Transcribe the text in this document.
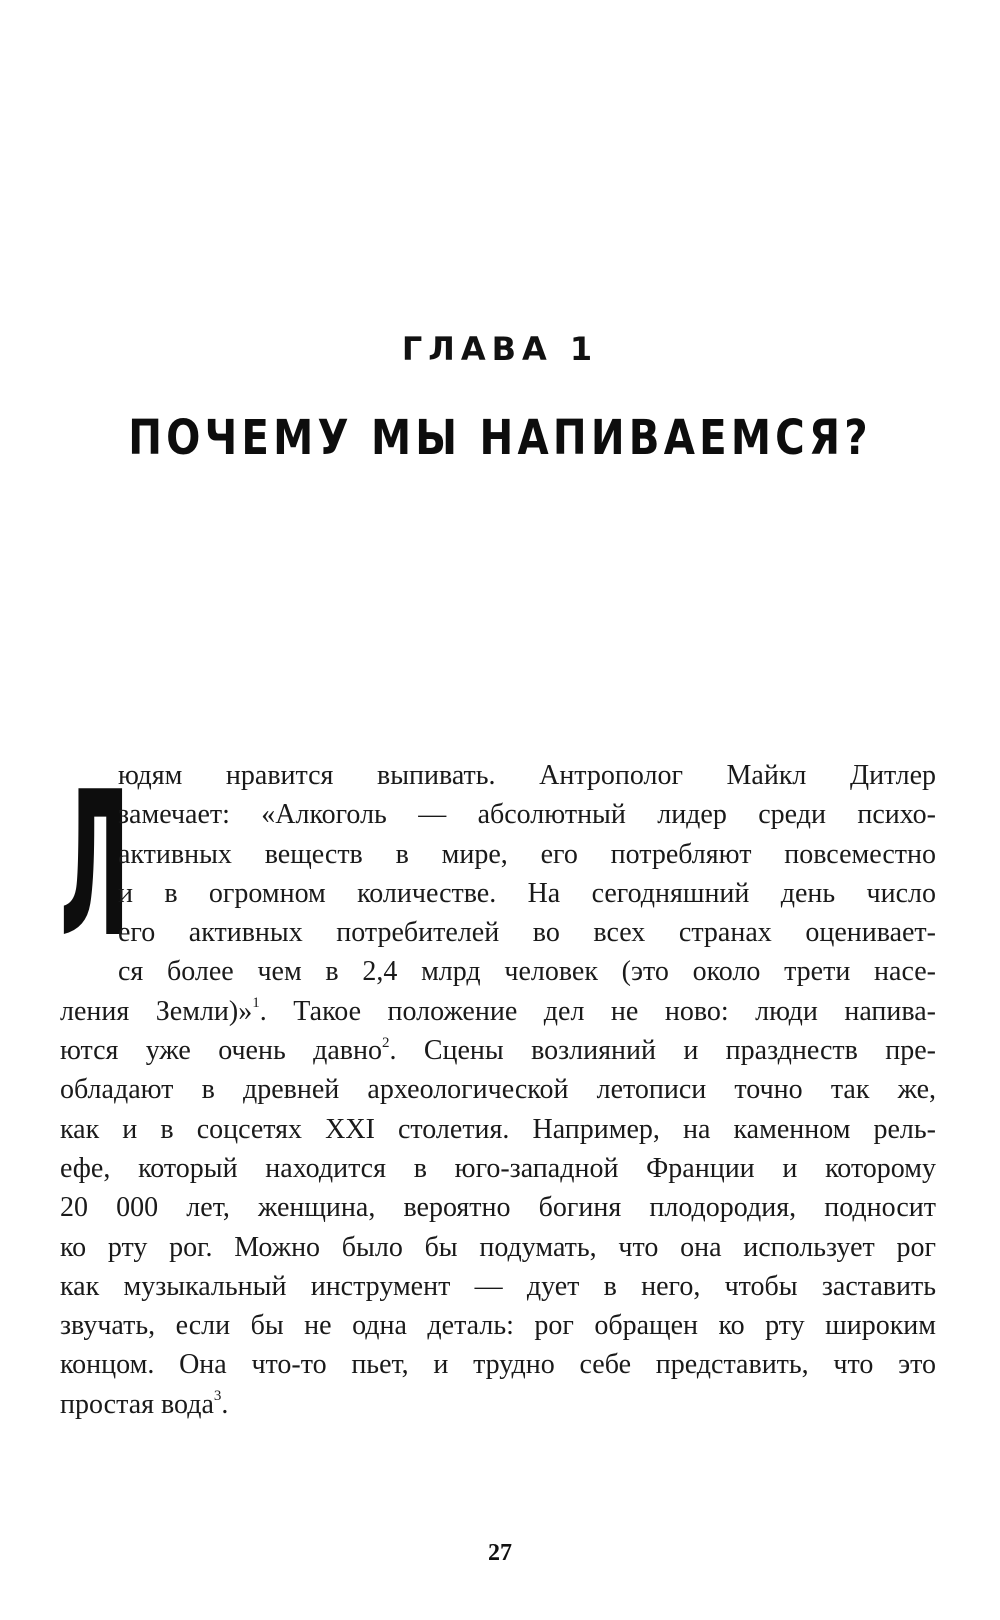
ГЛАВА 1
ПОЧЕМУ МЫ НАПИВАЕМСЯ?
Л
юдям нравится выпивать. Антрополог Майкл Дитлер
замечает: «Алкоголь — абсолютный лидер среди психо-
активных веществ в мире, его потребляют повсеместно
и в огромном количестве. На сегодняшний день число
его активных потребителей во всех странах оценивает-
ся более чем в 2,4 млрд человек (это около трети насе-
ления Земли)»$^1$. Такое положение дел не ново: люди напива-
ются уже очень давно$^2$. Сцены возлияний и празднеств пре-
обладают в древней археологической летописи точно так же,
как и в соцсетях XXI столетия. Например, на каменном рель-
ефе, который находится в юго-западной Франции и которому
20 000 лет, женщина, вероятно богиня плодородия, подносит
ко рту рог. Можно было бы подумать, что она использует рог
как музыкальный инструмент — дует в него, чтобы заставить
звучать, если бы не одна деталь: рог обращен ко рту широким
концом. Она что-то пьет, и трудно себе представить, что это
простая вода$^3$.
27
